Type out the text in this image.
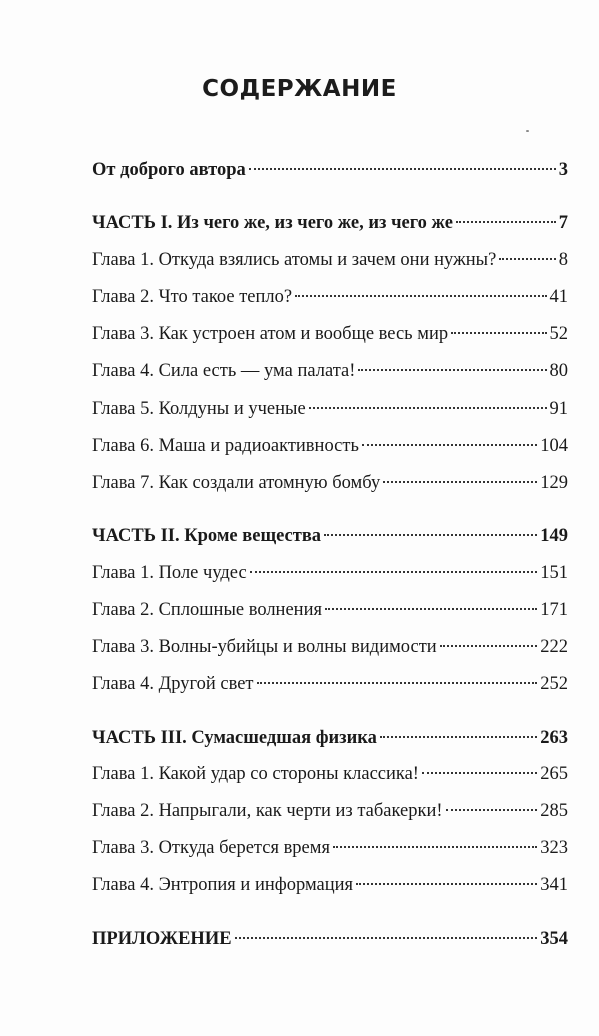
СОДЕРЖАНИЕ
От доброго автора	3
ЧАСТЬ I. Из чего же, из чего же, из чего же	7
Глава 1. Откуда взялись атомы и зачем они нужны?	8
Глава 2. Что такое тепло?	41
Глава 3. Как устроен атом и вообще весь мир	52
Глава 4. Сила есть — ума палата!	80
Глава 5. Колдуны и ученые	91
Глава 6. Маша и радиоактивность	104
Глава 7. Как создали атомную бомбу	129
ЧАСТЬ II. Кроме вещества	149
Глава 1. Поле чудес	151
Глава 2. Сплошные волнения	171
Глава 3. Волны-убийцы и волны видимости	222
Глава 4. Другой свет	252
ЧАСТЬ III. Сумасшедшая физика	263
Глава 1. Какой удар со стороны классика!	265
Глава 2. Напрыгали, как черти из табакерки!	285
Глава 3. Откуда берется время	323
Глава 4. Энтропия и информация	341
ПРИЛОЖЕНИЕ	354
